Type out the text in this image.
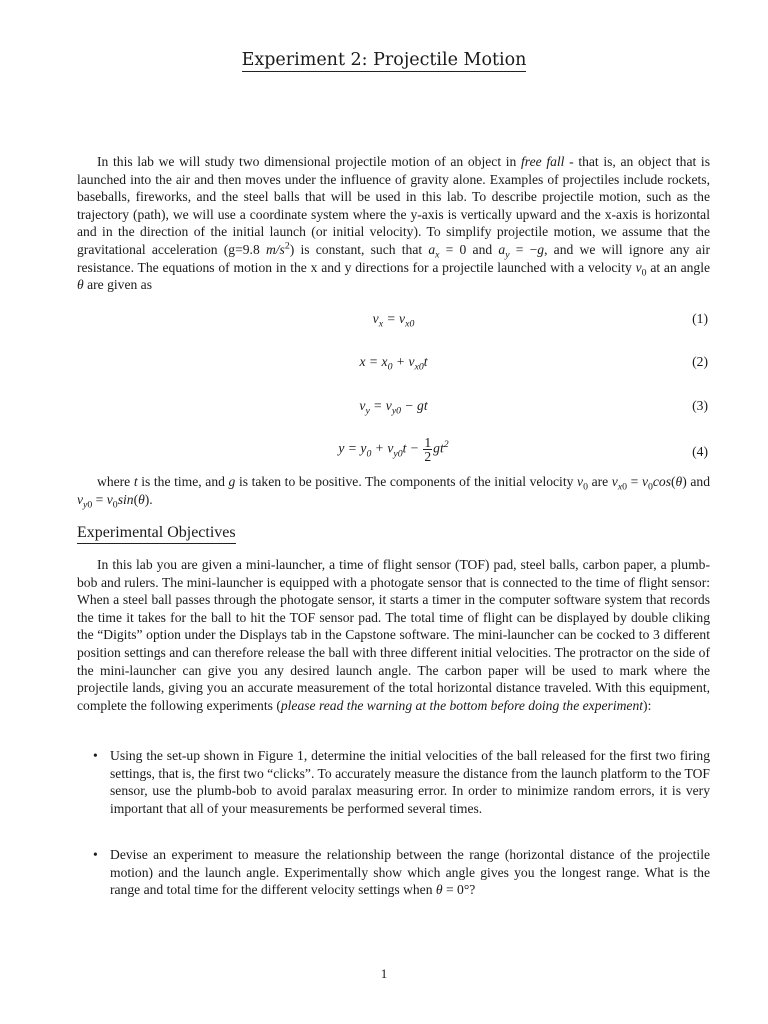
Experiment 2: Projectile Motion
In this lab we will study two dimensional projectile motion of an object in free fall - that is, an object that is launched into the air and then moves under the influence of gravity alone. Examples of projectiles include rockets, baseballs, fireworks, and the steel balls that will be used in this lab. To describe projectile motion, such as the trajectory (path), we will use a coordinate system where the y-axis is vertically upward and the x-axis is horizontal and in the direction of the initial launch (or initial velocity). To simplify projectile motion, we assume that the gravitational acceleration (g=9.8 $m/s^2$) is constant, such that $a_x = 0$ and $a_y = -g$, and we will ignore any air resistance. The equations of motion in the x and y directions for a projectile launched with a velocity $v_0$ at an angle θ are given as
$v_x = v_{x0}$	(1)
$x = x_0 + v_{x0}t$	(2)
$v_y = v_{y0}$ − gt	(3)
$y = y_0 + v_{y0}t - \frac{1}{2} gt^2$	(4)
where t is the time, and g is taken to be positive. The components of the initial velocity $v_0$ are $v_{x0} = v_0\cos(\theta)$ and $v_{y0} = v_0\sin(\theta)$.
Experimental Objectives
In this lab you are given a mini-launcher, a time of flight sensor (TOF) pad, steel balls, carbon paper, a plumb-bob and rulers. The mini-launcher is equipped with a photogate sensor that is connected to the time of flight sensor: When a steel ball passes through the photogate sensor, it starts a timer in the computer software system that records the time it takes for the ball to hit the TOF sensor pad. The total time of flight can be displayed by double cliking the “Digits” option under the Displays tab in the Capstone software. The mini-launcher can be cocked to 3 different position settings and can therefore release the ball with three different initial velocities. The protractor on the side of the mini-launcher can give you any desired launch angle. The carbon paper will be used to mark where the projectile lands, giving you an accurate measurement of the total horizontal distance traveled. With this equipment, complete the following experiments (please read the warning at the bottom before doing the experiment):
• Using the set-up shown in Figure 1, determine the initial velocities of the ball released for the first two firing settings, that is, the first two “clicks”. To accurately measure the distance from the launch platform to the TOF sensor, use the plumb-bob to avoid paralax measuring error. In order to minimize random errors, it is very important that all of your measurements be performed several times.
• Devise an experiment to measure the relationship between the range (horizontal distance of the projectile motion) and the launch angle. Experimentally show which angle gives you the longest range. What is the range and total time for the different velocity settings when θ = 0°?
1
